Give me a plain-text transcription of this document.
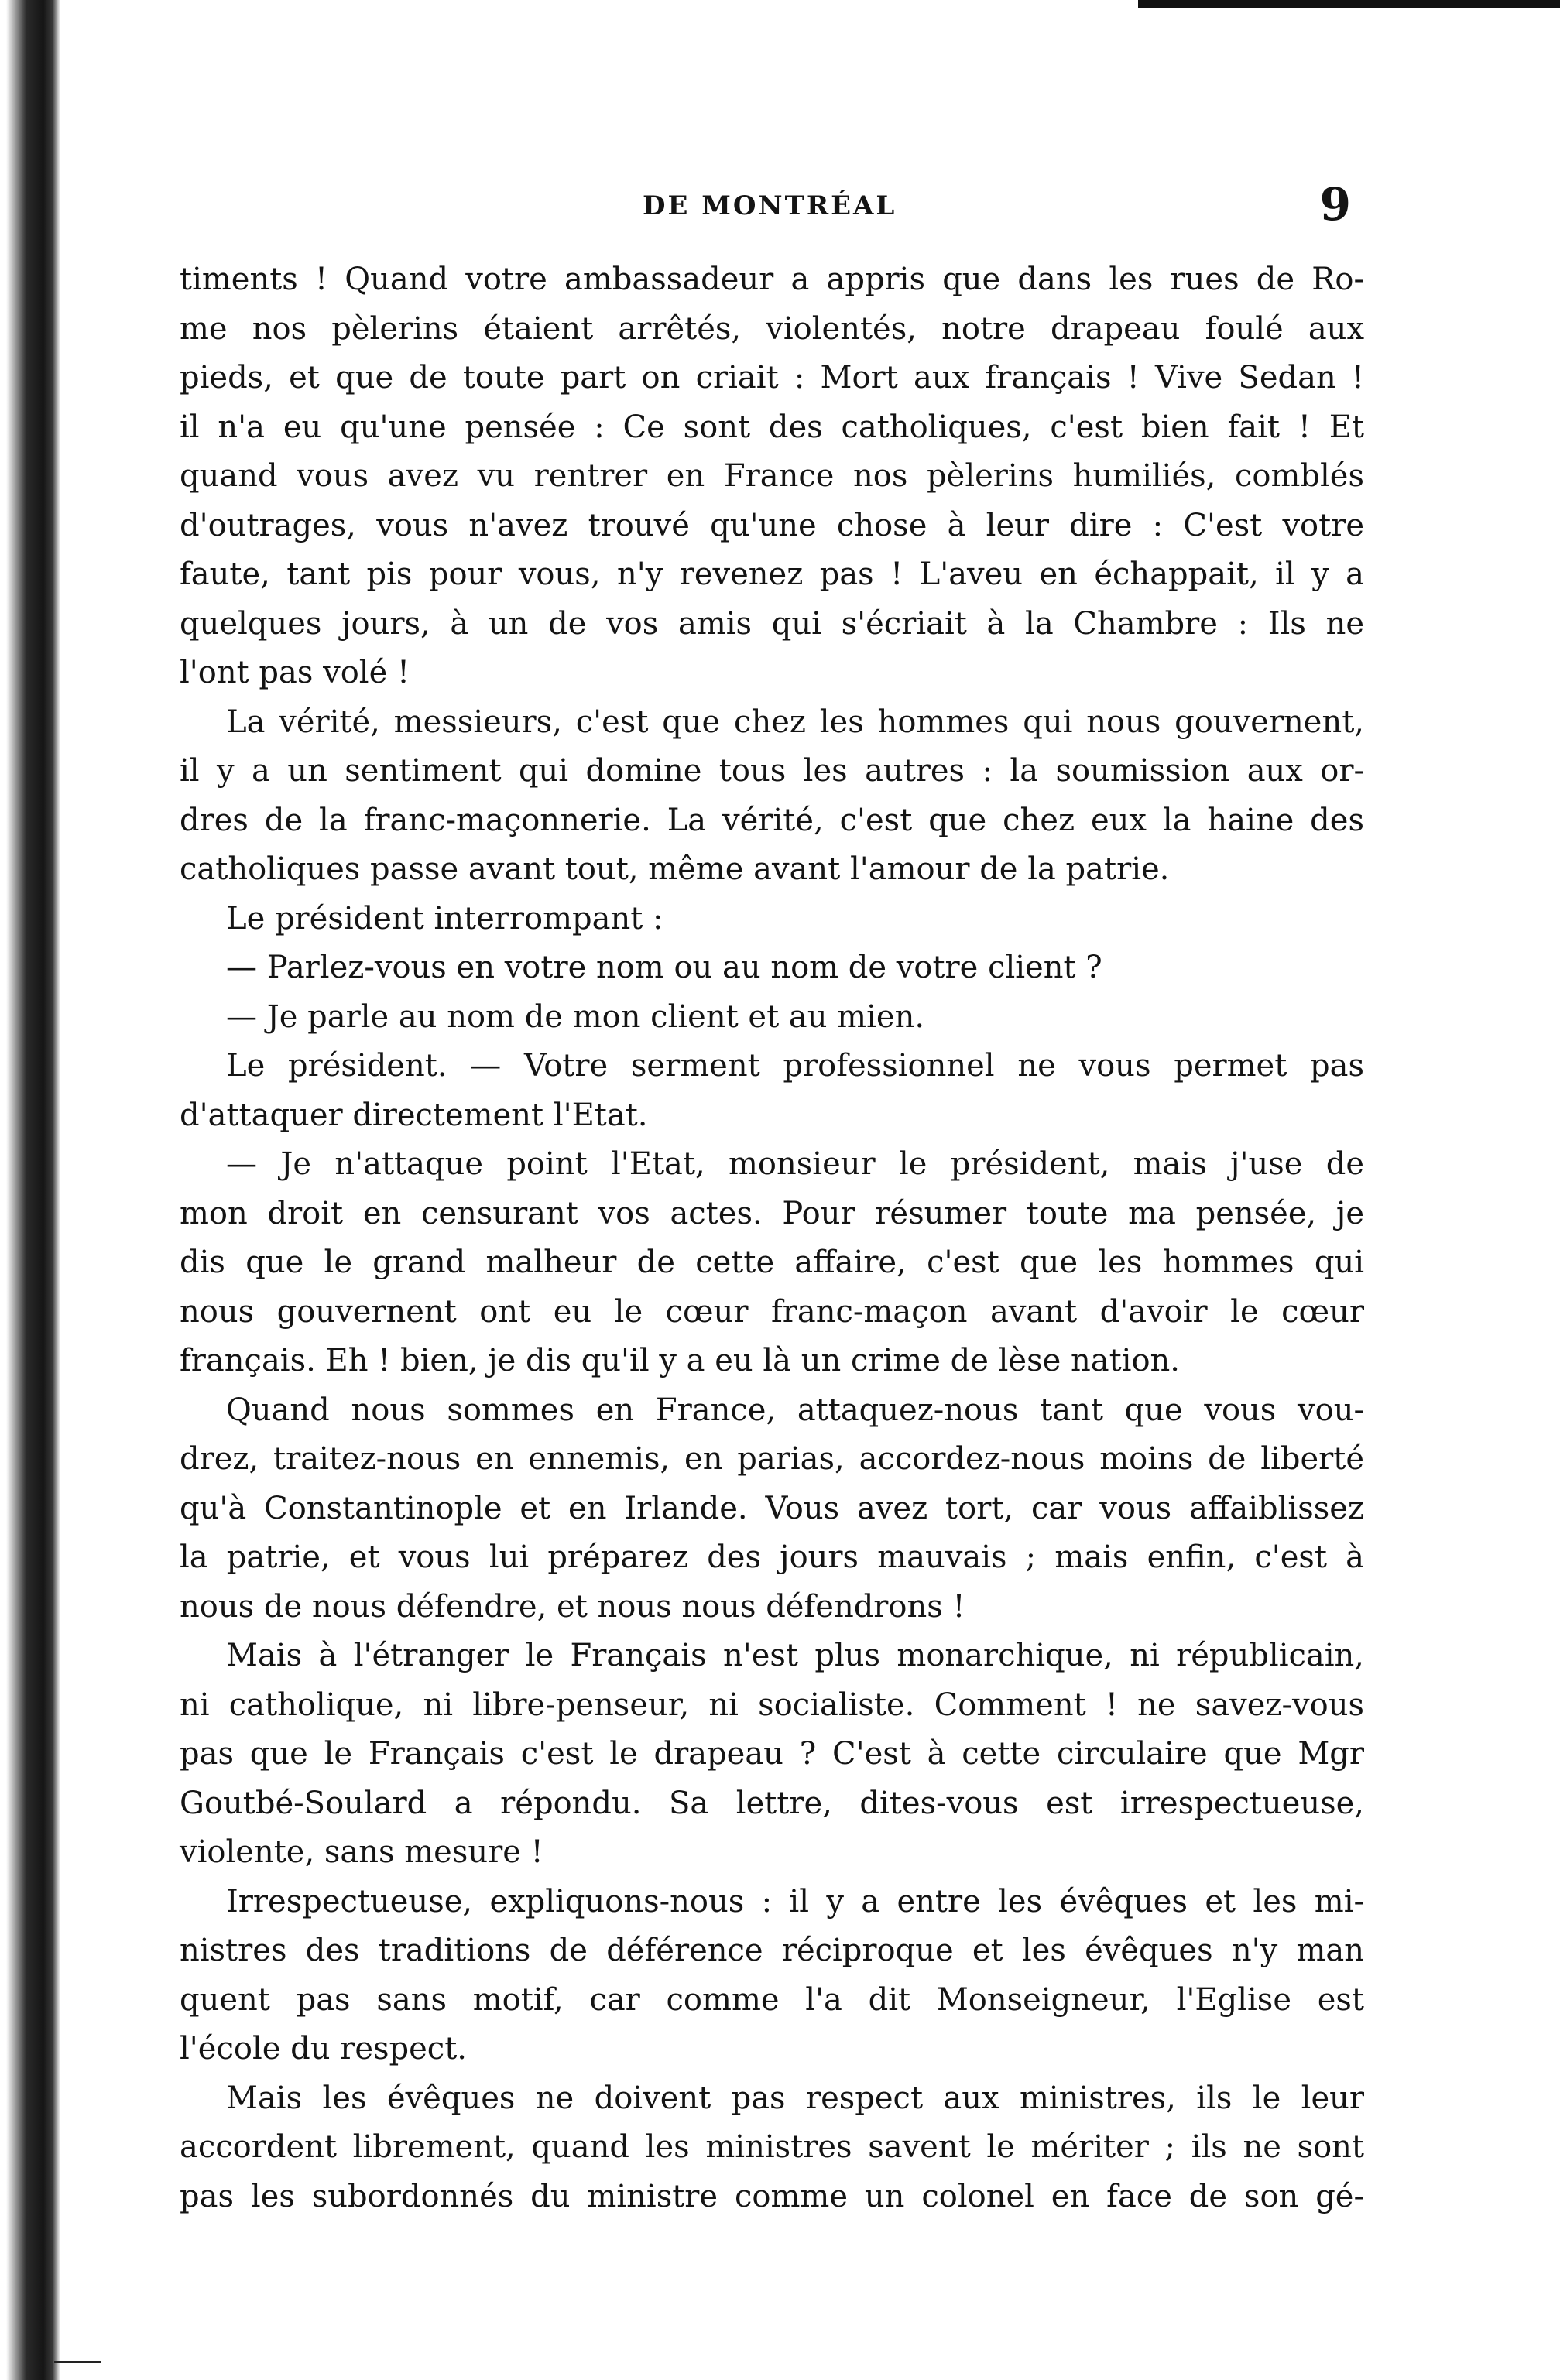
DE MONTRÉAL	9
timents ! Quand votre ambassadeur a appris que dans les rues de Ro-
me nos pèlerins étaient arrêtés, violentés, notre drapeau foulé aux
pieds, et que de toute part on criait : Mort aux français ! Vive Sedan !
il n'a eu qu'une pensée : Ce sont des catholiques, c'est bien fait ! Et
quand vous avez vu rentrer en France nos pèlerins humiliés, comblés
d'outrages, vous n'avez trouvé qu'une chose à leur dire : C'est votre
faute, tant pis pour vous, n'y revenez pas ! L'aveu en échappait, il y a
quelques jours, à un de vos amis qui s'écriait à la Chambre : Ils ne
l'ont pas volé !
La vérité, messieurs, c'est que chez les hommes qui nous gouvernent,
il y a un sentiment qui domine tous les autres : la soumission aux or-
dres de la franc-maçonnerie. La vérité, c'est que chez eux la haine des
catholiques passe avant tout, même avant l'amour de la patrie.
Le président interrompant :
— Parlez-vous en votre nom ou au nom de votre client ?
— Je parle au nom de mon client et au mien.
Le président. — Votre serment professionnel ne vous permet pas
d'attaquer directement l'Etat.
— Je n'attaque point l'Etat, monsieur le président, mais j'use de
mon droit en censurant vos actes. Pour résumer toute ma pensée, je
dis que le grand malheur de cette affaire, c'est que les hommes qui
nous gouvernent ont eu le cœur franc-maçon avant d'avoir le cœur
français. Eh ! bien, je dis qu'il y a eu là un crime de lèse nation.
Quand nous sommes en France, attaquez-nous tant que vous vou-
drez, traitez-nous en ennemis, en parias, accordez-nous moins de liberté
qu'à Constantinople et en Irlande. Vous avez tort, car vous affaiblissez
la patrie, et vous lui préparez des jours mauvais ; mais enfin, c'est à
nous de nous défendre, et nous nous défendrons !
Mais à l'étranger le Français n'est plus monarchique, ni républicain,
ni catholique, ni libre-penseur, ni socialiste. Comment ! ne savez-vous
pas que le Français c'est le drapeau ? C'est à cette circulaire que Mgr
Goutbé-Soulard a répondu. Sa lettre, dites-vous est irrespectueuse,
violente, sans mesure !
Irrespectueuse, expliquons-nous : il y a entre les évêques et les mi-
nistres des traditions de déférence réciproque et les évêques n'y man
quent pas sans motif, car comme l'a dit Monseigneur, l'Eglise est
l'école du respect.
Mais les évêques ne doivent pas respect aux ministres, ils le leur
accordent librement, quand les ministres savent le mériter ; ils ne sont
pas les subordonnés du ministre comme un colonel en face de son gé-
